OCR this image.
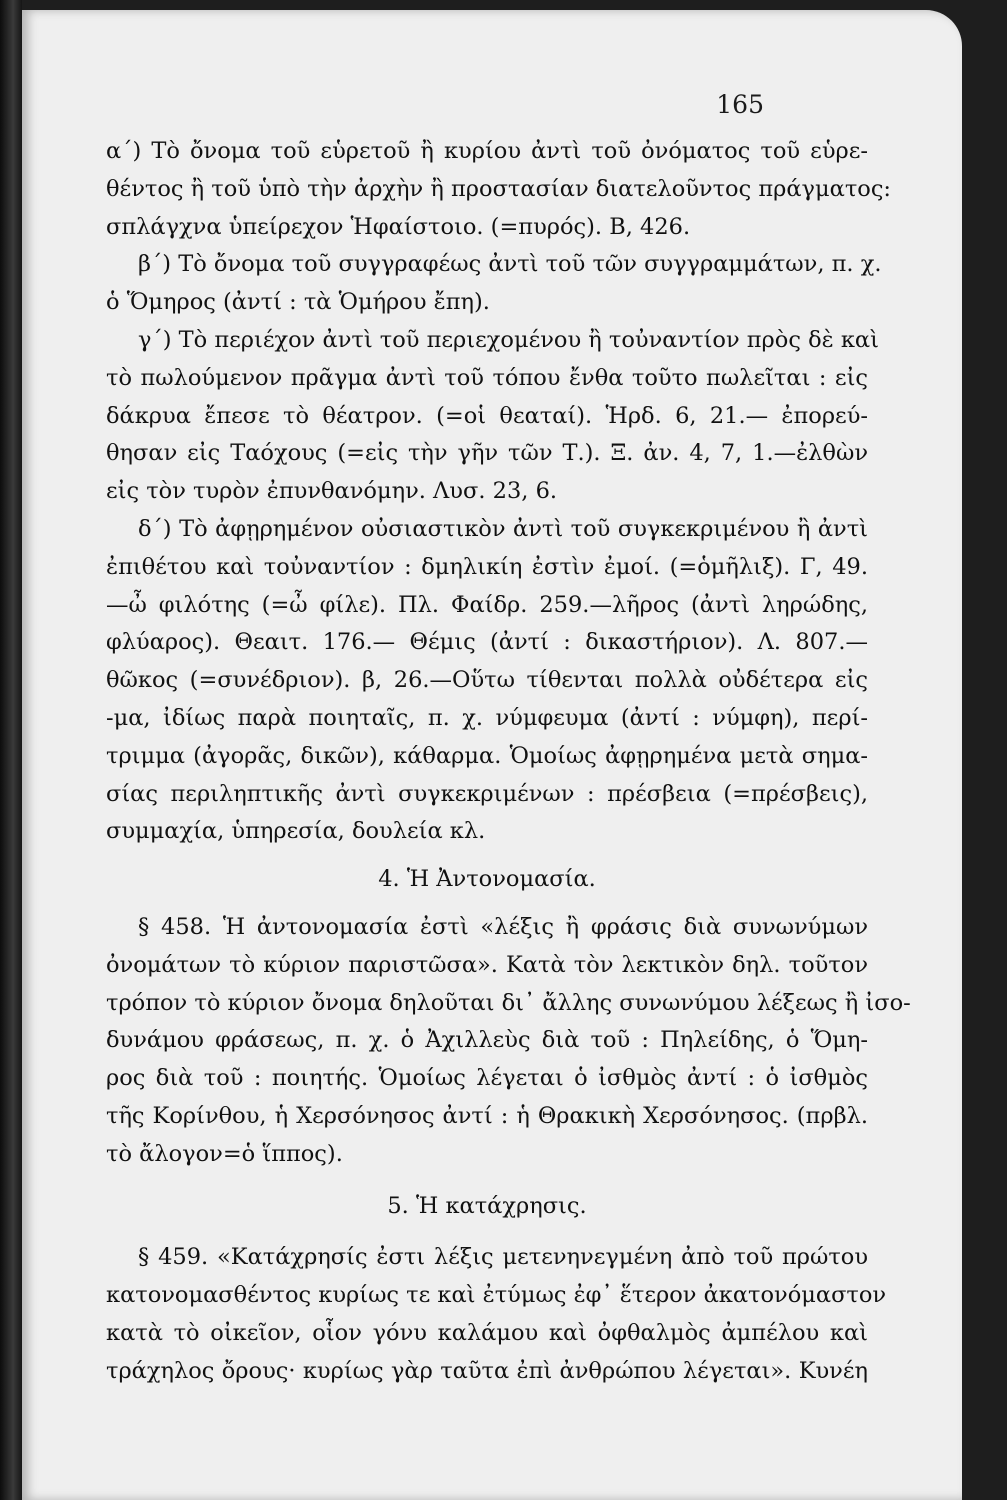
165
α΄) Τὸ ὄνομα τοῦ εὑρετοῦ ἢ κυρίου ἀντὶ τοῦ ὀνόματος τοῦ εὑρε-
θέντος ἢ τοῦ ὑπὸ τὴν ἀρχὴν ἢ προστασίαν διατελοῦντος πράγματος:
σπλάγχνα ὑπείρεχον Ἡφαίστοιο. (=πυρός). Β, 426.
β΄) Τὸ ὄνομα τοῦ συγγραφέως ἀντὶ τοῦ τῶν συγγραμμάτων, π. χ.
ὁ Ὅμηρος (ἀντί : τὰ Ὁμήρου ἔπη).
γ΄) Τὸ περιέχον ἀντὶ τοῦ περιεχομένου ἢ τοὐναντίον πρὸς δὲ καὶ
τὸ πωλούμενον πρᾶγμα ἀντὶ τοῦ τόπου ἔνθα τοῦτο πωλεῖται : εἰς
δάκρυα ἔπεσε τὸ θέατρον. (=οἱ θεαταί). Ἡρδ. 6, 21.— ἐπορεύ-
θησαν εἰς Ταόχους (=εἰς τὴν γῆν τῶν Τ.). Ξ. ἀν. 4, 7, 1.—ἐλθὼν
εἰς τὸν τυρὸν ἐπυνθανόμην. Λυσ. 23, 6.
δ΄) Τὸ ἀφῃρημένον οὐσιαστικὸν ἀντὶ τοῦ συγκεκριμένου ἢ ἀντὶ
ἐπιθέτου καὶ τοὐναντίον : δμηλικίη ἐστὶν ἐμοί. (=ὁμῆλιξ). Γ, 49.
—ὦ φιλότης (=ὦ φίλε). Πλ. Φαίδρ. 259.—λῆρος (ἀντὶ ληρώδης,
φλύαρος). Θεαιτ. 176.— Θέμις (ἀντί : δικαστήριον). Λ. 807.—
θῶκος (=συνέδριον). β, 26.—Οὕτω τίθενται πολλὰ οὐδέτερα εἰς
-μα, ἰδίως παρὰ ποιηταῖς, π. χ. νύμφευμα (ἀντί : νύμφη), περί-
τριμμα (ἀγορᾶς, δικῶν), κάθαρμα. Ὁμοίως ἀφῃρημένα μετὰ σημα-
σίας περιληπτικῆς ἀντὶ συγκεκριμένων : πρέσβεια (=πρέσβεις),
συμμαχία, ὑπηρεσία, δουλεία κλ.
4. Ἡ Ἀντονομασία.
§ 458. Ἡ ἀντονομασία ἐστὶ «λέξις ἢ φράσις διὰ συνωνύμων
ὀνομάτων τὸ κύριον παριστῶσα». Κατὰ τὸν λεκτικὸν δηλ. τοῦτον
τρόπον τὸ κύριον ὄνομα δηλοῦται δι᾽ ἄλλης συνωνύμου λέξεως ἢ ἰσο-
δυνάμου φράσεως, π. χ. ὁ Ἀχιλλεὺς διὰ τοῦ : Πηλείδης, ὁ Ὅμη-
ρος διὰ τοῦ : ποιητής. Ὁμοίως λέγεται ὁ ἰσθμὸς ἀντί : ὁ ἰσθμὸς
τῆς Κορίνθου, ἡ Χερσόνησος ἀντί : ἡ Θρακικὴ Χερσόνησος. (πρβλ.
τὸ ἄλογον=ὁ ἵππος).
5. Ἡ κατάχρησις.
§ 459. «Κατάχρησίς ἐστι λέξις μετενηνεγμένη ἀπὸ τοῦ πρώτου
κατονομασθέντος κυρίως τε καὶ ἐτύμως ἐφ᾽ ἕτερον ἀκατονόμαστον
κατὰ τὸ οἰκεῖον, οἷον γόνυ καλάμου καὶ ὀφθαλμὸς ἀμπέλου καὶ
τράχηλος ὄρους· κυρίως γὰρ ταῦτα ἐπὶ ἀνθρώπου λέγεται». Κυνέη
